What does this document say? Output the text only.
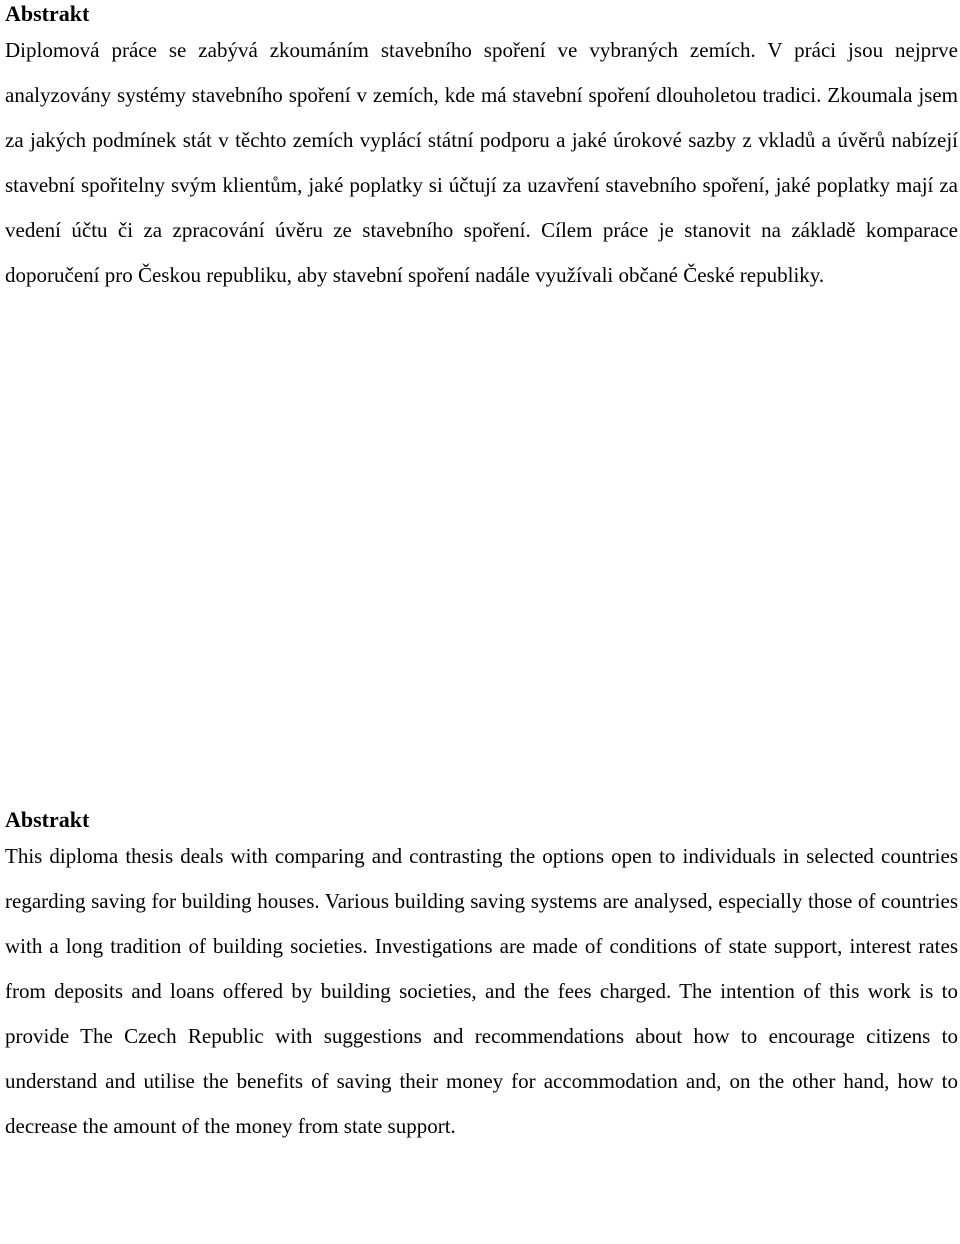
Abstrakt

Diplomová práce se zabývá zkoumáním stavebního spoření ve vybraných zemích. V práci jsou nejprve analyzovány systémy stavebního spoření v zemích, kde má stavební spoření dlouholetou tradici. Zkoumala jsem za jakých podmínek stát v těchto zemích vyplácí státní podporu a jaké úrokové sazby z vkladů a úvěrů nabízejí stavební spořitelny svým klientům, jaké poplatky si účtují za uzavření stavebního spoření, jaké poplatky mají za vedení účtu či za zpracování úvěru ze stavebního spoření. Cílem práce je stanovit na základě komparace doporučení pro Českou republiku, aby stavební spoření nadále využívali občané České republiky.

Abstrakt

This diploma thesis deals with comparing and contrasting the options open to individuals in selected countries regarding saving for building houses. Various building saving systems are analysed, especially those of countries with a long tradition of building societies. Investigations are made of conditions of state support, interest rates from deposits and loans offered by building societies, and the fees charged. The intention of this work is to provide The Czech Republic with suggestions and recommendations about how to encourage citizens to understand and utilise the benefits of saving their money for accommodation and, on the other hand, how to decrease the amount of the money from state support.
